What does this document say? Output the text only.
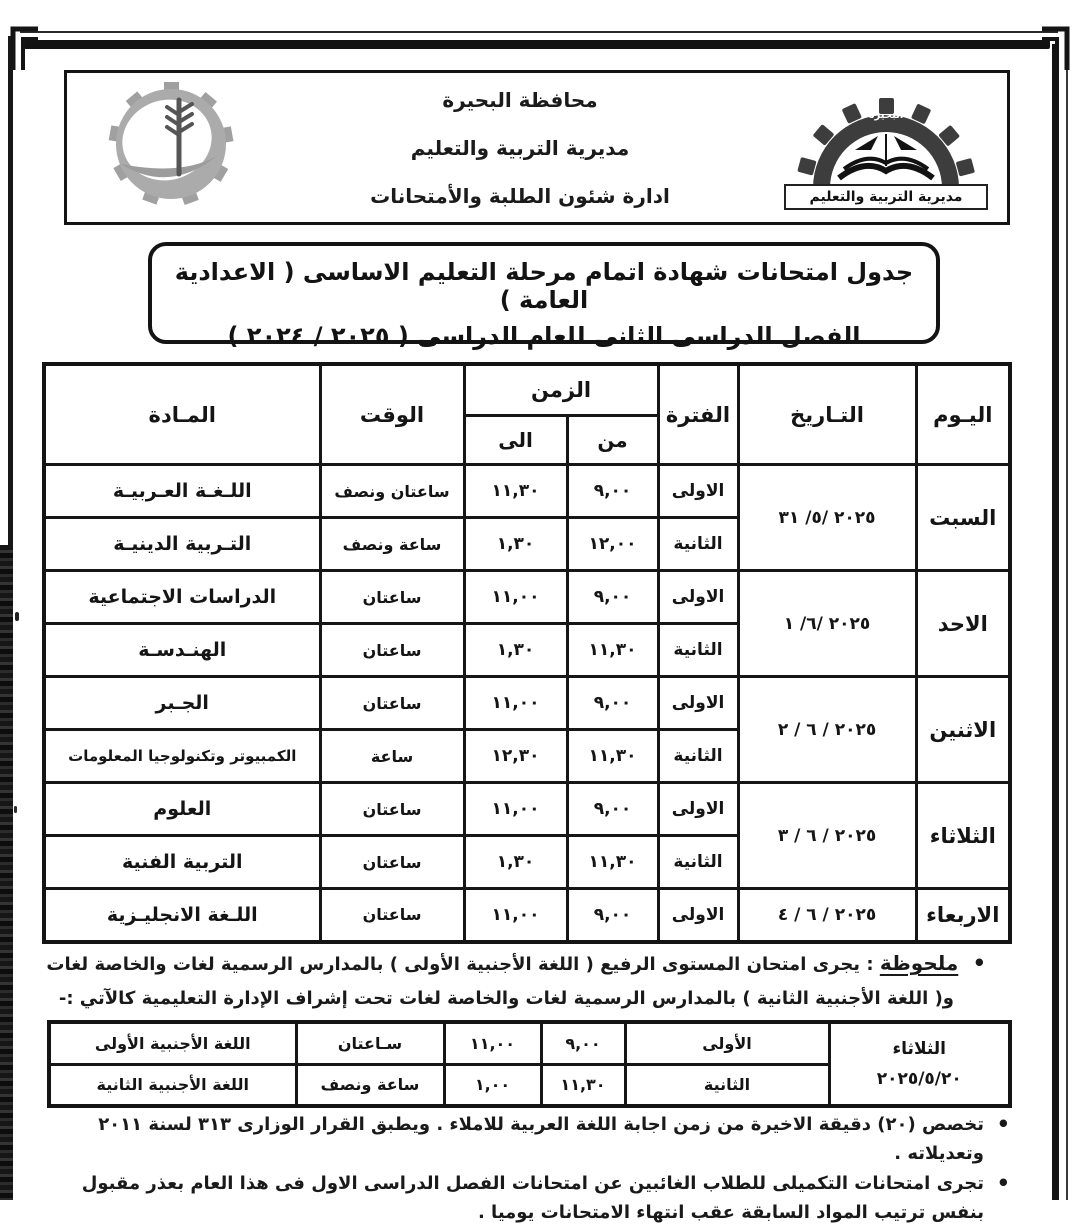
محافظة البحيرة
مديرية التربية والتعليم
ادارة شئون الطلبة والأمتحانات
البحيرة
مديرية التربية والتعليم
جدول امتحانات شهادة اتمام مرحلة التعليم الاساسى ( الاعدادية العامة )
الفصل الدراسى الثانى للعام الدراسى ( ٢٠٢٥ / ٢٠٢٤ )
اليـوم	التـاريخ	الفترة	الزمن		الوقت	المـادة
			من	الى		
السبت	٢٠٢٥ /٥/ ٣١	الاولى	٩,٠٠	١١,٣٠	ساعتان ونصف	اللـغـة العـربيـة
		الثانية	١٢,٠٠	١,٣٠	ساعة ونصف	التـربية الدينيـة
الاحد	٢٠٢٥ /٦/ ١	الاولى	٩,٠٠	١١,٠٠	ساعتان	الدراسات الاجتماعية
		الثانية	١١,٣٠	١,٣٠	ساعتان	الهنـدسـة
الاثنين	٢٠٢٥ / ٦ / ٢	الاولى	٩,٠٠	١١,٠٠	ساعتان	الجـبر
		الثانية	١١,٣٠	١٢,٣٠	ساعة	الكمبيوتر وتكنولوجيا المعلومات
الثلاثاء	٢٠٢٥ / ٦ / ٣	الاولى	٩,٠٠	١١,٠٠	ساعتان	العلوم
		الثانية	١١,٣٠	١,٣٠	ساعتان	التربية الفنية
الاربعاء	٢٠٢٥ / ٦ / ٤	الاولى	٩,٠٠	١١,٠٠	ساعتان	اللـغة الانجليـزية
• ملحوظة : يجرى امتحان المستوى الرفيع ( اللغة الأجنبية الأولى ) بالمدارس الرسمية لغات والخاصة لغات
و( اللغة الأجنبية الثانية ) بالمدارس الرسمية لغات والخاصة لغات تحت إشراف الإدارة التعليمية كالآتي :-
الثلاثاء
٢٠٢٥/٥/٢٠	الأولى	٩,٠٠	١١,٠٠	سـاعتان	اللغة الأجنبية الأولى
	الثانية	١١,٣٠	١,٠٠	ساعة ونصف	اللغة الأجنبية الثانية
•
تخصص (٢٠) دقيقة الاخيرة من زمن اجابة اللغة العربية للاملاء . ويطبق القرار الوزارى ٣١٣ لسنة ٢٠١١ وتعديلاته .
•
تجرى امتحانات التكميلى للطلاب الغائبين عن امتحانات الفصل الدراسى الاول فى هذا العام بعذر مقبول بنفس ترتيب المواد السابقة عقب انتهاء الامتحانات يوميا .
